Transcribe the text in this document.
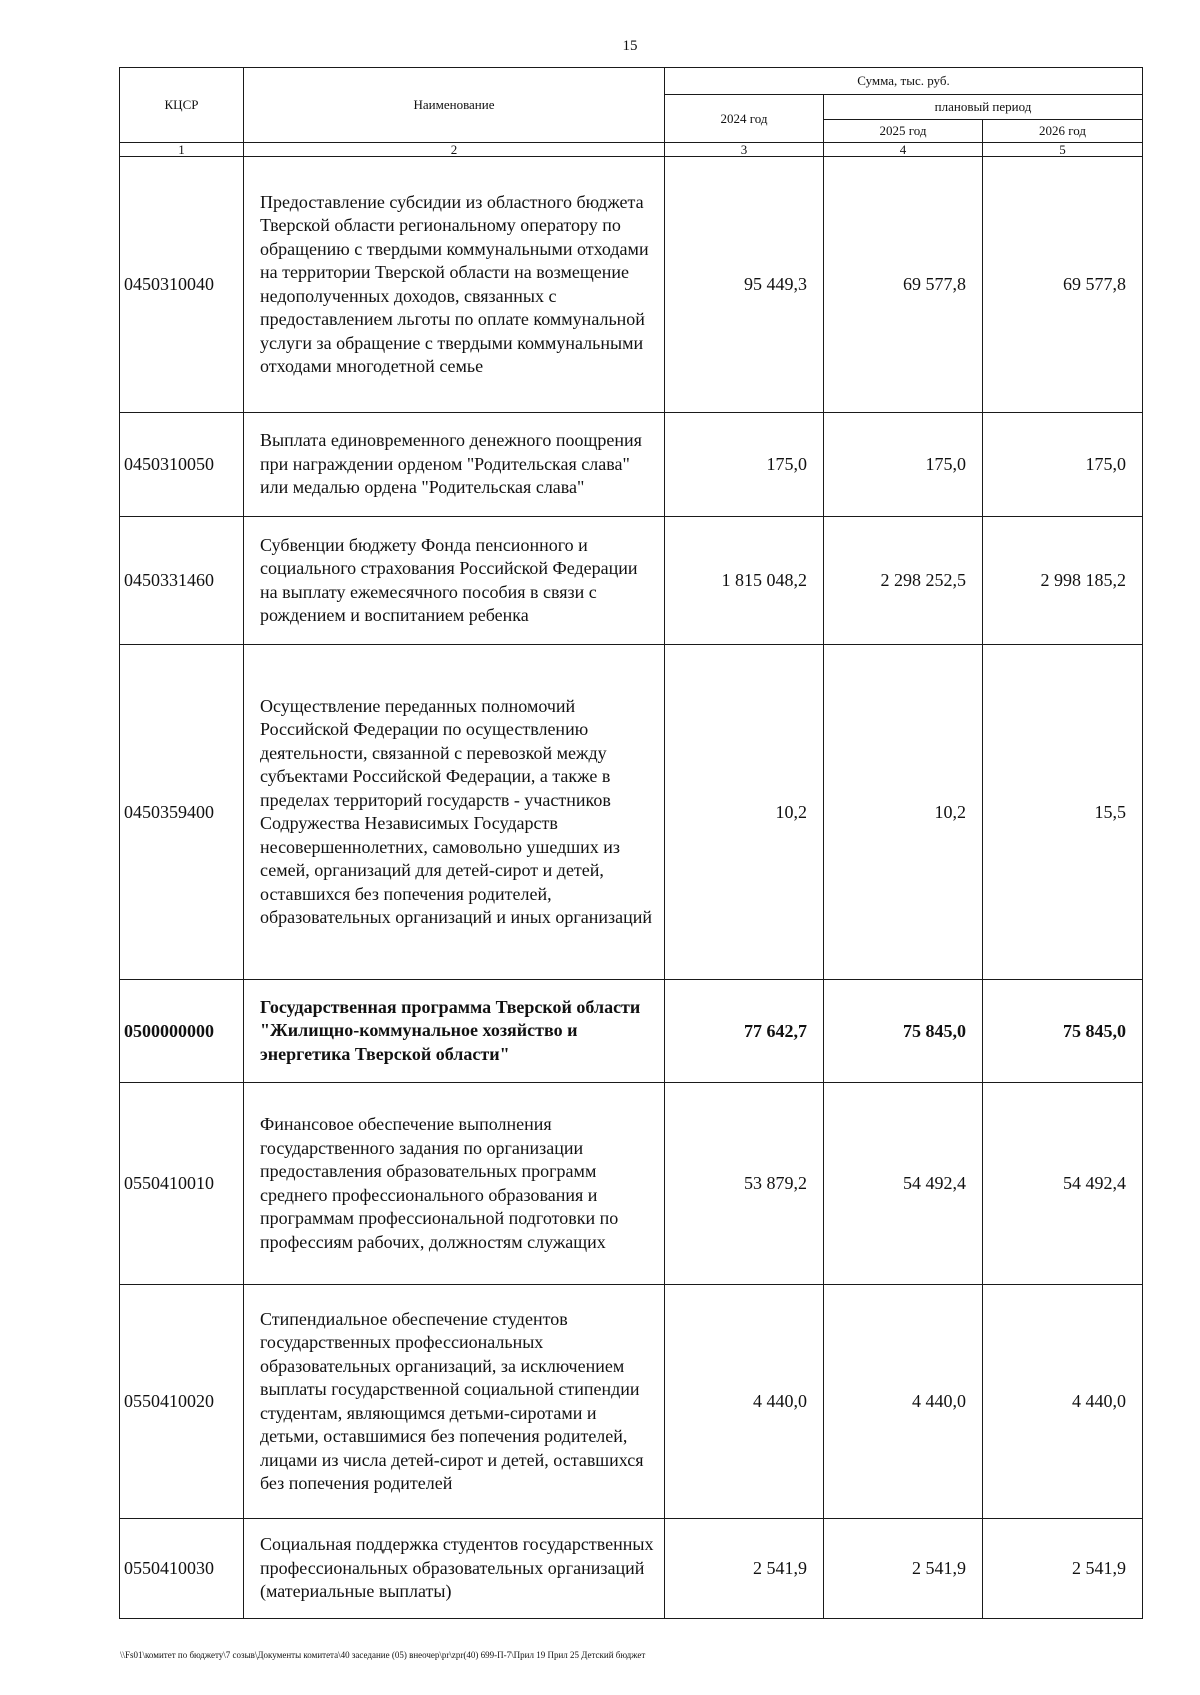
15
КЦСР	Наименование	Сумма, тыс. руб.		
		2024 год	плановый период	
			2025 год	2026 год
1	2	3	4	5
0450310040	Предоставление субсидии из областного бюджета Тверской области региональному оператору по обращению с твердыми коммунальными отходами на территории Тверской области на возмещение недополученных доходов, связанных с предоставлением льготы по оплате коммунальной услуги за обращение с твердыми коммунальными отходами многодетной семье	95 449,3	69 577,8	69 577,8
0450310050	Выплата единовременного денежного поощрения при награждении орденом "Родительская слава" или медалью ордена "Родительская слава"	175,0	175,0	175,0
0450331460	Субвенции бюджету Фонда пенсионного и социального страхования Российской Федерации на выплату ежемесячного пособия в связи с рождением и воспитанием ребенка	1 815 048,2	2 298 252,5	2 998 185,2
0450359400	Осуществление переданных полномочий Российской Федерации по осуществлению деятельности, связанной с перевозкой между субъектами Российской Федерации, а также в пределах территорий государств - участников Содружества Независимых Государств несовершеннолетних, самовольно ушедших из семей, организаций для детей-сирот и детей, оставшихся без попечения родителей, образовательных организаций и иных организаций	10,2	10,2	15,5
0500000000	Государственная программа Тверской области "Жилищно-коммунальное хозяйство и энергетика Тверской области"	77 642,7	75 845,0	75 845,0
0550410010	Финансовое обеспечение выполнения государственного задания по организации предоставления образовательных программ среднего профессионального образования и программам профессиональной подготовки по профессиям рабочих, должностям служащих	53 879,2	54 492,4	54 492,4
0550410020	Стипендиальное обеспечение студентов государственных профессиональных образовательных организаций, за исключением выплаты государственной социальной стипендии студентам, являющимся детьми-сиротами и детьми, оставшимися без попечения родителей, лицами из числа детей-сирот и детей, оставшихся без попечения родителей	4 440,0	4 440,0	4 440,0
0550410030	Социальная поддержка студентов государственных профессиональных образовательных организаций (материальные выплаты)	2 541,9	2 541,9	2 541,9
\\Fs01\комитет по бюджету\7 созыв\Документы комитета\40 заседание (05) внеочер\pr\zpr(40) 699-П-7\Прил 19 Прил 25 Детский бюджет
